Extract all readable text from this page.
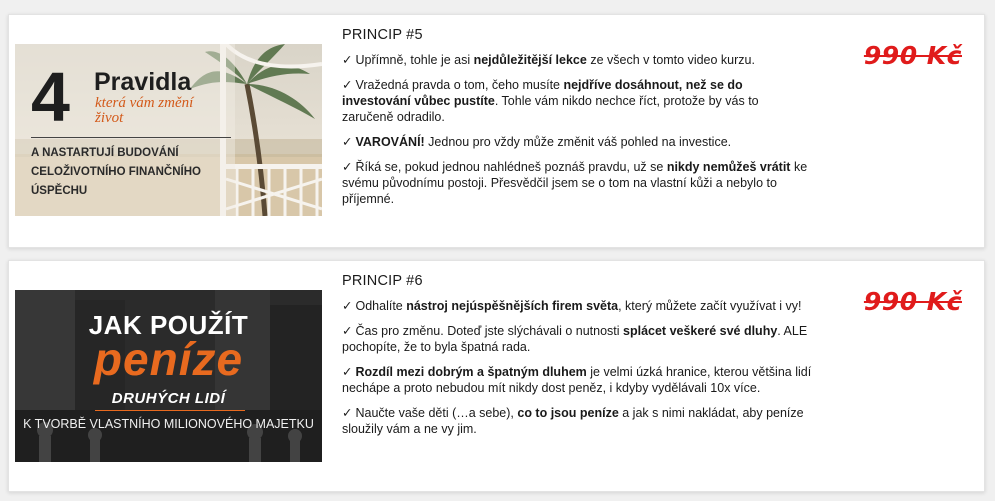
4 Pravidla
která vám změní život
A NASTARTUJÍ BUDOVÁNÍ CELOŽIVOTNÍHO FINANČNÍHO ÚSPĚCHU
PRINCIP #5
✓ Upřímně, tohle je asi nejdůležitější lekce ze všech v tomto video kurzu.
✓ Vražedná pravda o tom, čeho musíte nejdříve dosáhnout, než se do investování vůbec pustíte. Tohle vám nikdo nechce říct, protože by vás to zaručeně odradilo.
✓ VAROVÁNÍ! Jednou pro vždy může změnit váš pohled na investice.
✓ Říká se, pokud jednou nahlédneš poznáš pravdu, už se nikdy nemůžeš vrátit ke svému původnímu postoji. Přesvědčil jsem se o tom na vlastní kůži a nebylo to příjemné.
990 Kč
JAK POUŽÍT
peníze
DRUHÝCH LIDÍ
K TVORBĚ VLASTNÍHO MILIONOVÉHO MAJETKU
PRINCIP #6
✓ Odhalíte nástroj nejúspěšnějších firem světa, který můžete začít využívat i vy!
✓ Čas pro změnu. Doteď jste slýchávali o nutnosti splácet veškeré své dluhy. ALE pochopíte, že to byla špatná rada.
✓ Rozdíl mezi dobrým a špatným dluhem je velmi úzká hranice, kterou většina lidí nechápe a proto nebudou mít nikdy dost peněz, i kdyby vydělávali 10x více.
✓ Naučte vaše děti (…a sebe), co to jsou peníze a jak s nimi nakládat, aby peníze sloužily vám a ne vy jim.
990 Kč
